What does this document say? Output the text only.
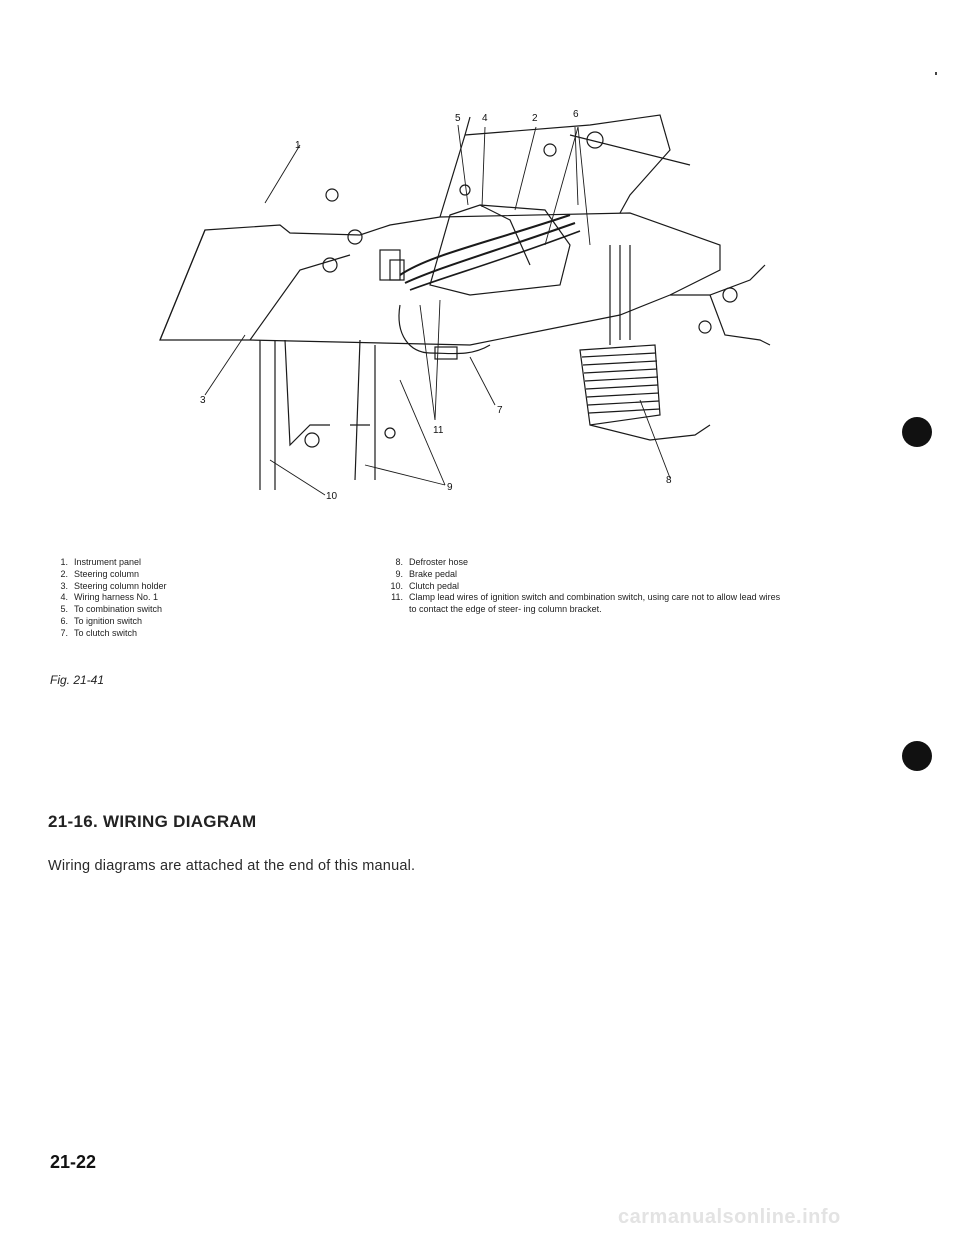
1
2
3
4
5	6
7
8
9
10
11
1. Instrument panel
2. Steering column
3. Steering column holder
4. Wiring harness No. 1
5. To combination switch
6. To ignition switch
7. To clutch switch
8. Defroster hose
9. Brake pedal
10. Clutch pedal
11. Clamp lead wires of ignition switch and combination switch, using care not to allow lead wires to contact the edge of steer- ing column bracket.
Fig. 21-41
21-16. WIRING DIAGRAM
Wiring diagrams are attached at the end of this manual.
21-22
carmanualsonline.info
